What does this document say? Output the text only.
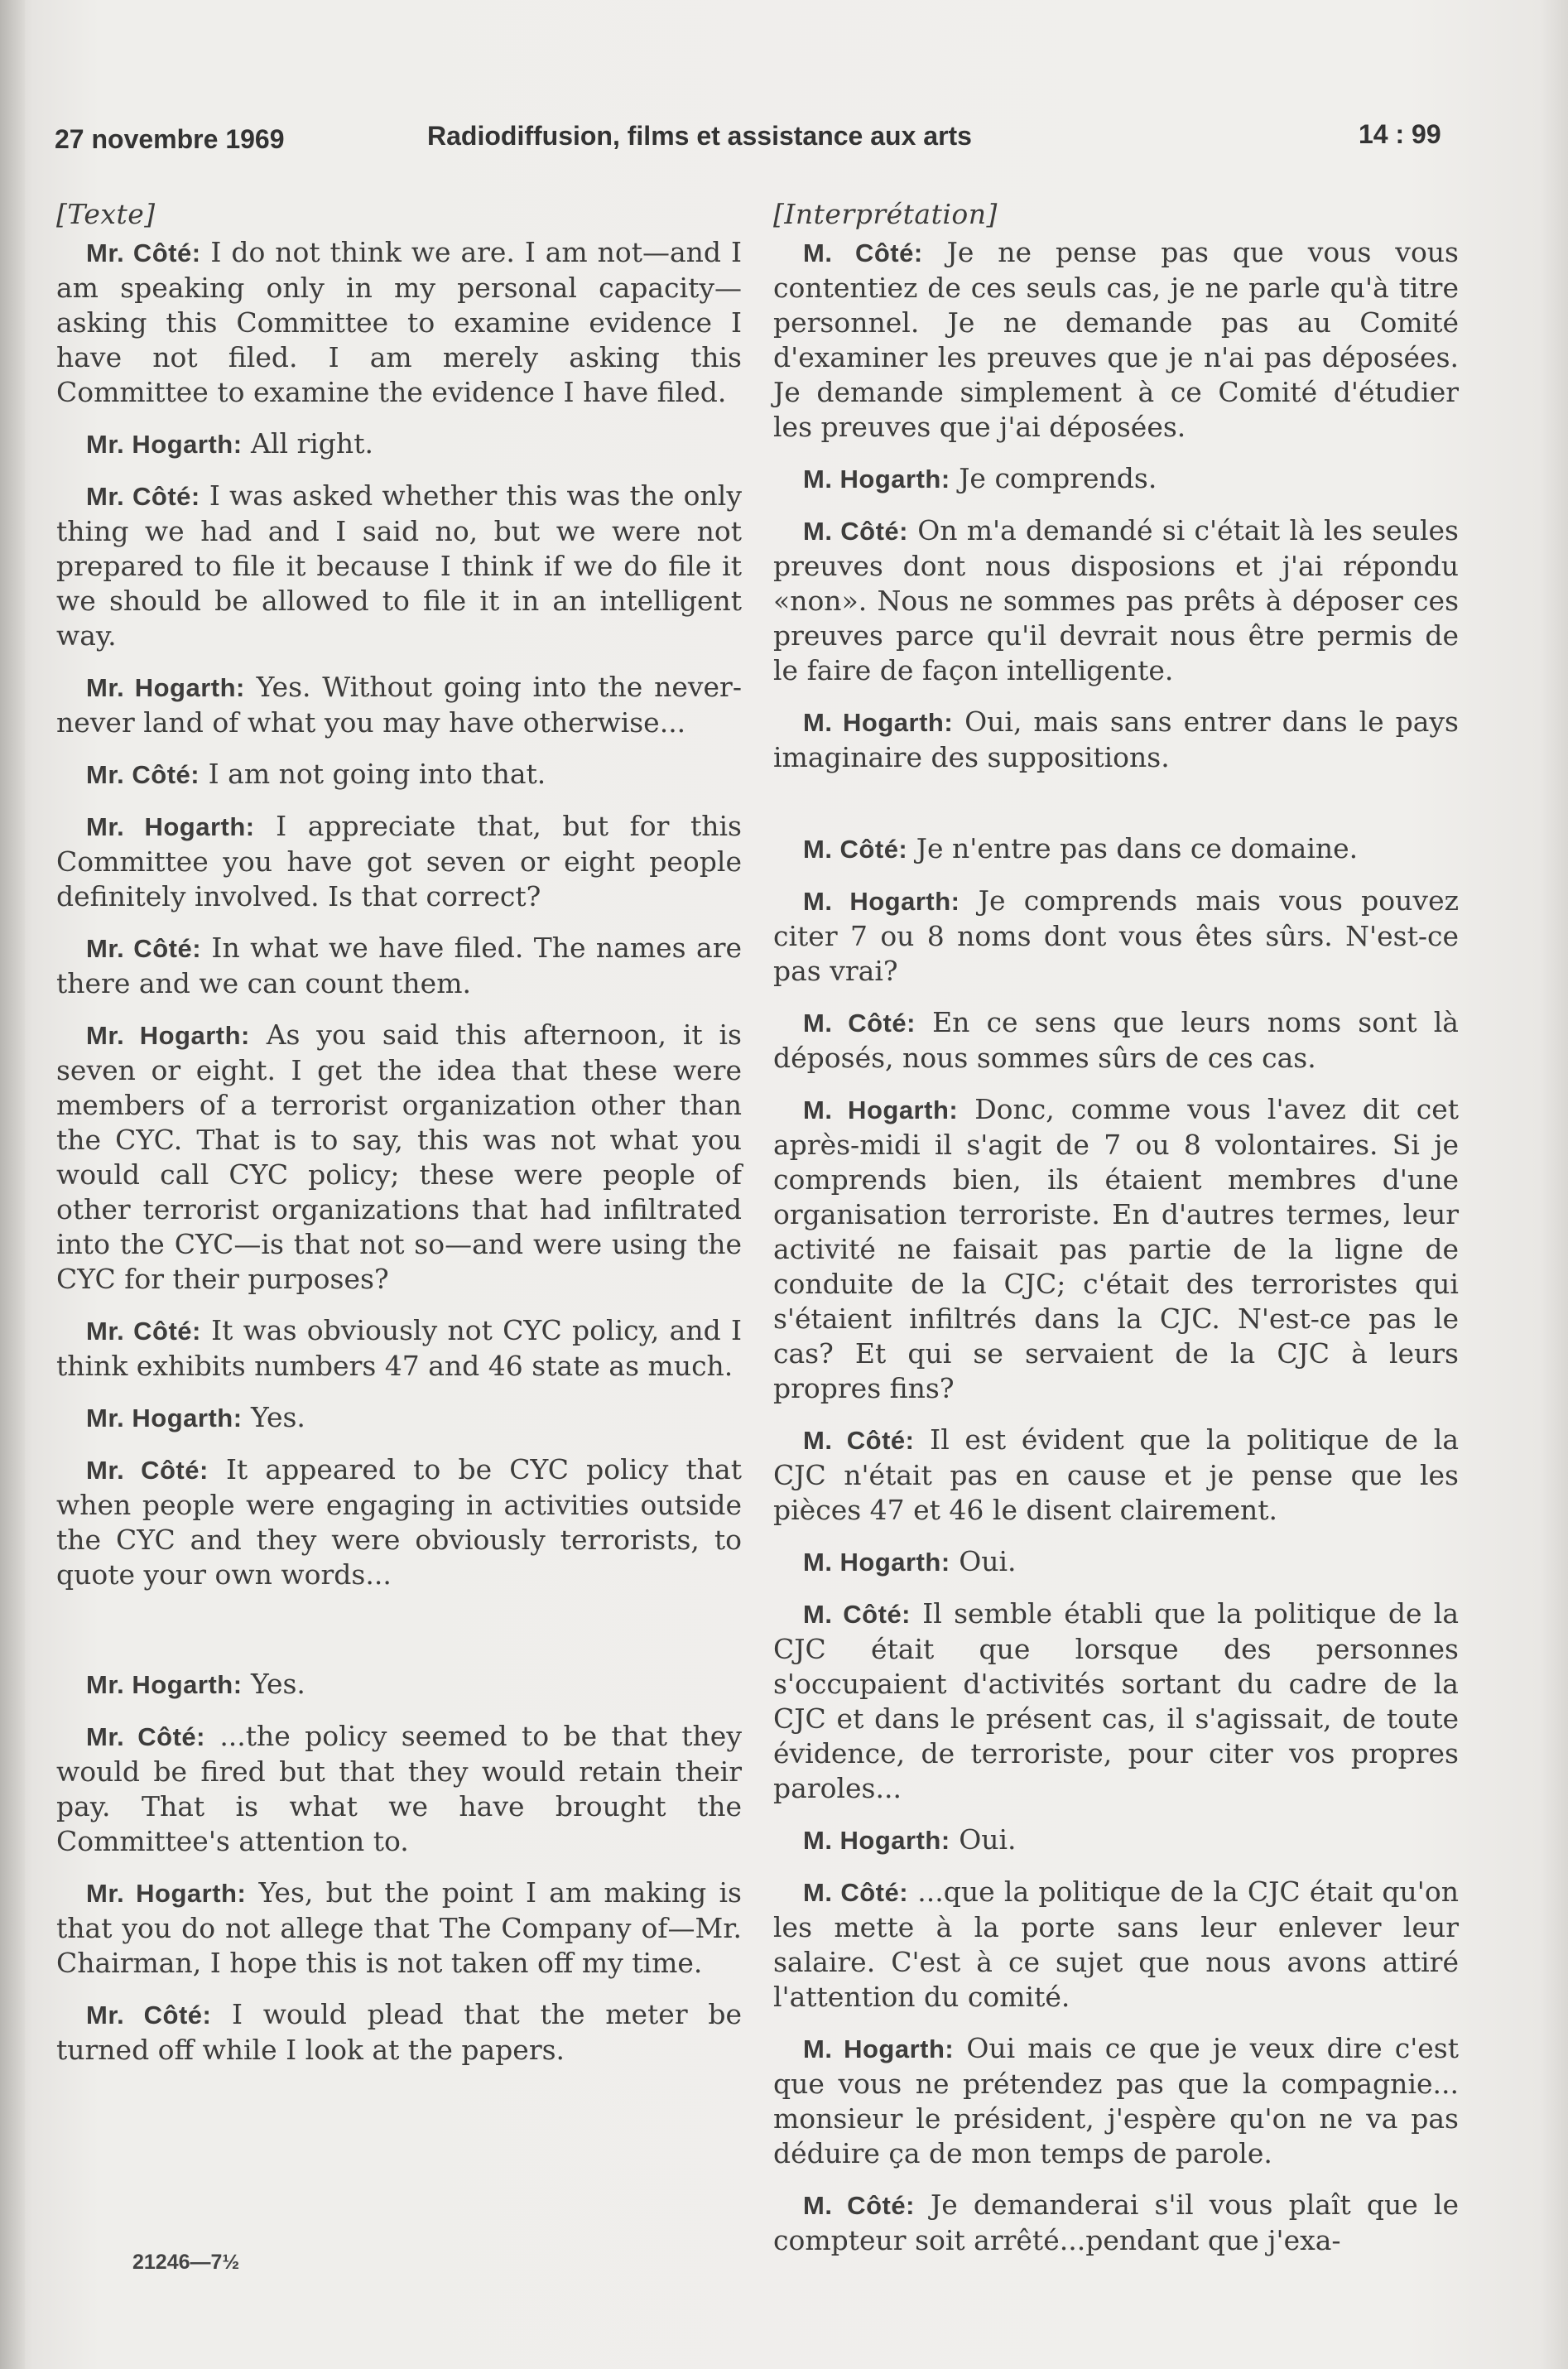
27 novembre 1969	Radiodiffusion, films et assistance aux arts	14 : 99
[Texte]

Mr. Côté: I do not think we are. I am not—and I am speaking only in my personal capacity—asking this Committee to examine evidence I have not filed. I am merely asking this Committee to examine the evidence I have filed.

Mr. Hogarth: All right.

Mr. Côté: I was asked whether this was the only thing we had and I said no, but we were not prepared to file it because I think if we do file it we should be allowed to file it in an intelligent way.

Mr. Hogarth: Yes. Without going into the never-never land of what you may have otherwise...

Mr. Côté: I am not going into that.

Mr. Hogarth: I appreciate that, but for this Committee you have got seven or eight people definitely involved. Is that correct?

Mr. Côté: In what we have filed. The names are there and we can count them.

Mr. Hogarth: As you said this afternoon, it is seven or eight. I get the idea that these were members of a terrorist organization other than the CYC. That is to say, this was not what you would call CYC policy; these were people of other terrorist organizations that had infiltrated into the CYC—is that not so—and were using the CYC for their purposes?

Mr. Côté: It was obviously not CYC policy, and I think exhibits numbers 47 and 46 state as much.

Mr. Hogarth: Yes.

Mr. Côté: It appeared to be CYC policy that when people were engaging in activities outside the CYC and they were obviously terrorists, to quote your own words...

Mr. Hogarth: Yes.

Mr. Côté: ...the policy seemed to be that they would be fired but that they would retain their pay. That is what we have brought the Committee's attention to.

Mr. Hogarth: Yes, but the point I am making is that you do not allege that The Company of—Mr. Chairman, I hope this is not taken off my time.

Mr. Côté: I would plead that the meter be turned off while I look at the papers.

[Interprétation]

M. Côté: Je ne pense pas que vous vous contentiez de ces seuls cas, je ne parle qu'à titre personnel. Je ne demande pas au Comité d'examiner les preuves que je n'ai pas déposées. Je demande simplement à ce Comité d'étudier les preuves que j'ai déposées.

M. Hogarth: Je comprends.

M. Côté: On m'a demandé si c'était là les seules preuves dont nous disposions et j'ai répondu «non». Nous ne sommes pas prêts à déposer ces preuves parce qu'il devrait nous être permis de le faire de façon intelligente.

M. Hogarth: Oui, mais sans entrer dans le pays imaginaire des suppositions.

M. Côté: Je n'entre pas dans ce domaine.

M. Hogarth: Je comprends mais vous pouvez citer 7 ou 8 noms dont vous êtes sûrs. N'est-ce pas vrai?

M. Côté: En ce sens que leurs noms sont là déposés, nous sommes sûrs de ces cas.

M. Hogarth: Donc, comme vous l'avez dit cet après-midi il s'agit de 7 ou 8 volontaires. Si je comprends bien, ils étaient membres d'une organisation terroriste. En d'autres termes, leur activité ne faisait pas partie de la ligne de conduite de la CJC; c'était des terroristes qui s'étaient infiltrés dans la CJC. N'est-ce pas le cas? Et qui se servaient de la CJC à leurs propres fins?

M. Côté: Il est évident que la politique de la CJC n'était pas en cause et je pense que les pièces 47 et 46 le disent clairement.

M. Hogarth: Oui.

M. Côté: Il semble établi que la politique de la CJC était que lorsque des personnes s'occupaient d'activités sortant du cadre de la CJC et dans le présent cas, il s'agissait, de toute évidence, de terroriste, pour citer vos propres paroles...

M. Hogarth: Oui.

M. Côté: ...que la politique de la CJC était qu'on les mette à la porte sans leur enlever leur salaire. C'est à ce sujet que nous avons attiré l'attention du comité.

M. Hogarth: Oui mais ce que je veux dire c'est que vous ne prétendez pas que la compagnie... monsieur le président, j'espère qu'on ne va pas déduire ça de mon temps de parole.

M. Côté: Je demanderai s'il vous plaît que le compteur soit arrêté...pendant que j'exa-

21246—7½
